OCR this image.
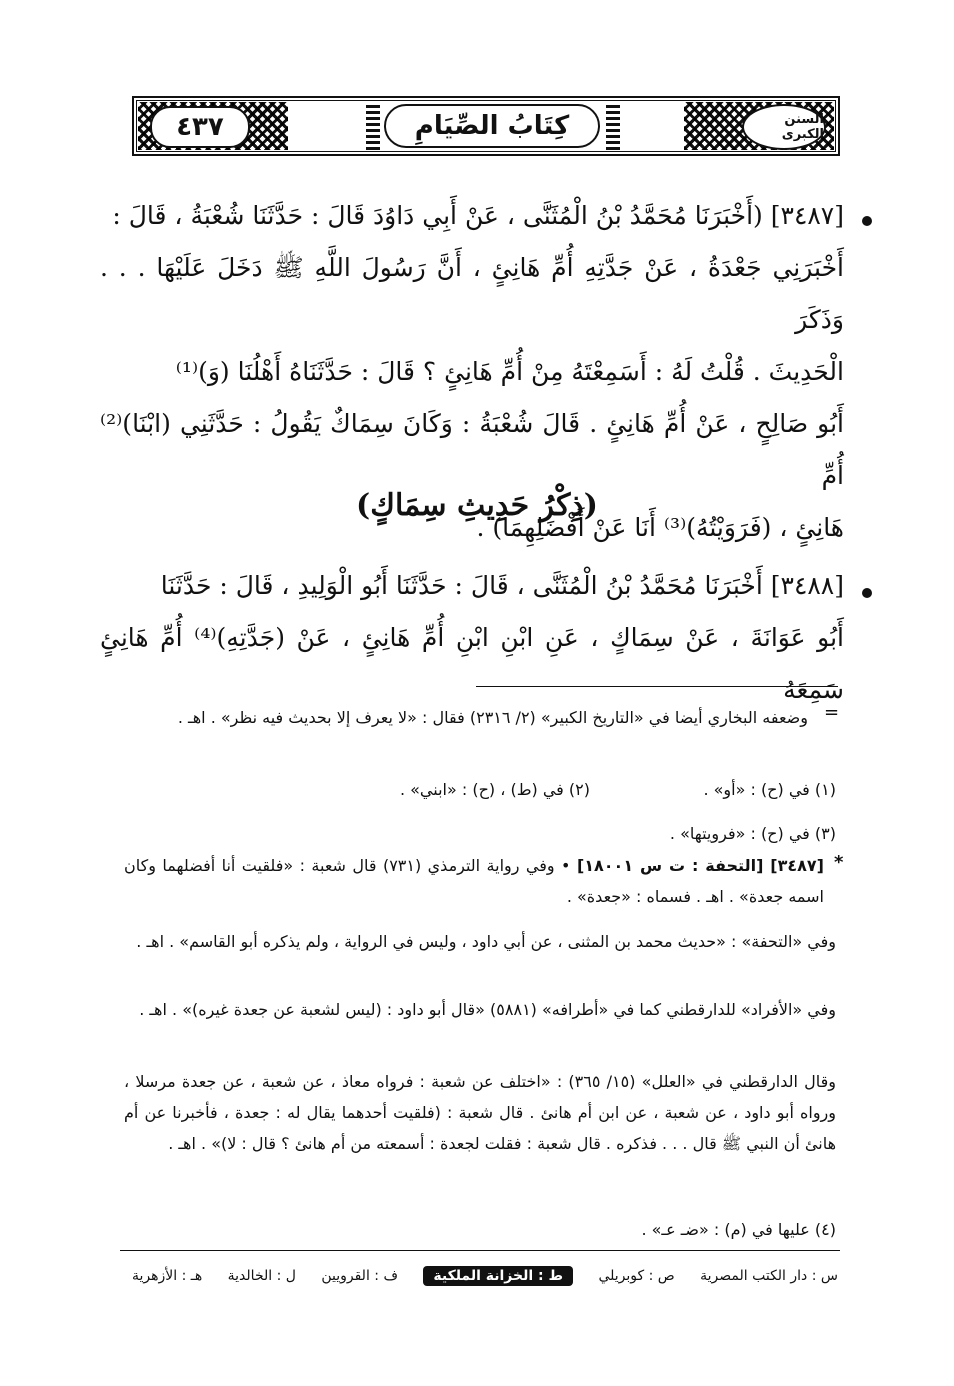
٤٣٧	كِتَابُ الصِّيَامِ	السنن الكبرى
[٣٤٨٧] (أَخْبَرَنَا مُحَمَّدُ بْنُ الْمُثَنَّى ، عَنْ أَبِي دَاوُدَ قَالَ : حَدَّثَنَا شُعْبَةُ ، قَالَ :
أَخْبَرَنِي جَعْدَةُ ، عَنْ جَدَّتِهِ أُمِّ هَانِئٍ ، أَنَّ رَسُولَ اللَّهِ ﷺ دَخَلَ عَلَيْهَا . . . وَذَكَرَ
الْحَدِيثَ . قُلْتُ لَهُ : أَسَمِعْتَهُ مِنْ أُمِّ هَانِئٍ ؟ قَالَ : حَدَّثَنَاهُ أَهْلُنَا (وَ)⁽¹⁾
أَبُو صَالِحٍ ، عَنْ أُمِّ هَانِئٍ . قَالَ شُعْبَةُ : وَكَانَ سِمَاكٌ يَقُولُ : حَدَّثَنِي (ابْنَا)⁽²⁾ أُمِّ
هَانِئٍ ، (فَرَوَيْتُهُ)⁽³⁾ أَنَا عَنْ أَفْضَلِهِمَا) .
(ذِكْرُ حَدِيثِ سِمَاكٍ)
[٣٤٨٨] أَخْبَرَنَا مُحَمَّدُ بْنُ الْمُثَنَّى ، قَالَ : حَدَّثَنَا أَبُو الْوَلِيدِ ، قَالَ : حَدَّثَنَا
أَبُو عَوَانَةَ ، عَنْ سِمَاكٍ ، عَنِ ابْنِ ابْنِ أُمِّ هَانِئٍ ، عَنْ (جَدَّتِهِ)⁽⁴⁾ أُمِّ هَانِئٍ سَمِعَهُ
=
وضعفه البخاري أيضا في «التاريخ الكبير» (٢/ ٢٣١٦) فقال : «لا يعرف إلا بحديث فيه نظر» . اهـ .
(١) في (ح) : «أو» .
(٢) في (ط) ، (ح) : «ابني» .
(٣) في (ح) : «فرويتها» .
*
[٣٤٨٧] [التحفة : ت س ١٨٠٠١] • وفي رواية الترمذي (٧٣١) قال شعبة : «فلقيت أنا أفضلهما وكان اسمه جعدة» . اهـ . فسماه : «جعدة» .
وفي «التحفة» : «حديث محمد بن المثنى ، عن أبي داود ، وليس في الرواية ، ولم يذكره أبو القاسم» . اهـ .
وفي «الأفراد» للدارقطني كما في «أطرافه» (٥٨٨١) «قال أبو داود : (ليس لشعبة عن جعدة غيره)» . اهـ .
وقال الدارقطني في «العلل» (١٥/ ٣٦٥) : «اختلف عن شعبة : فرواه معاذ ، عن شعبة ، عن جعدة مرسلا ، ورواه أبو داود ، عن شعبة ، عن ابن أم هانئ . قال شعبة : (فلقيت أحدهما يقال له : جعدة ، فأخبرنا عن أم هانئ أن النبي ﷺ قال . . . فذكره . قال شعبة : فقلت لجعدة : أسمعته من أم هانئ ؟ قال : لا)» . اهـ .
(٤) عليها في (م) : «ضـ عـ» .
س : دار الكتب المصرية
ص : كوبريلي
ط : الخزانة الملكية
ف : القرويين
ل : الخالدية
هـ : الأزهرية
